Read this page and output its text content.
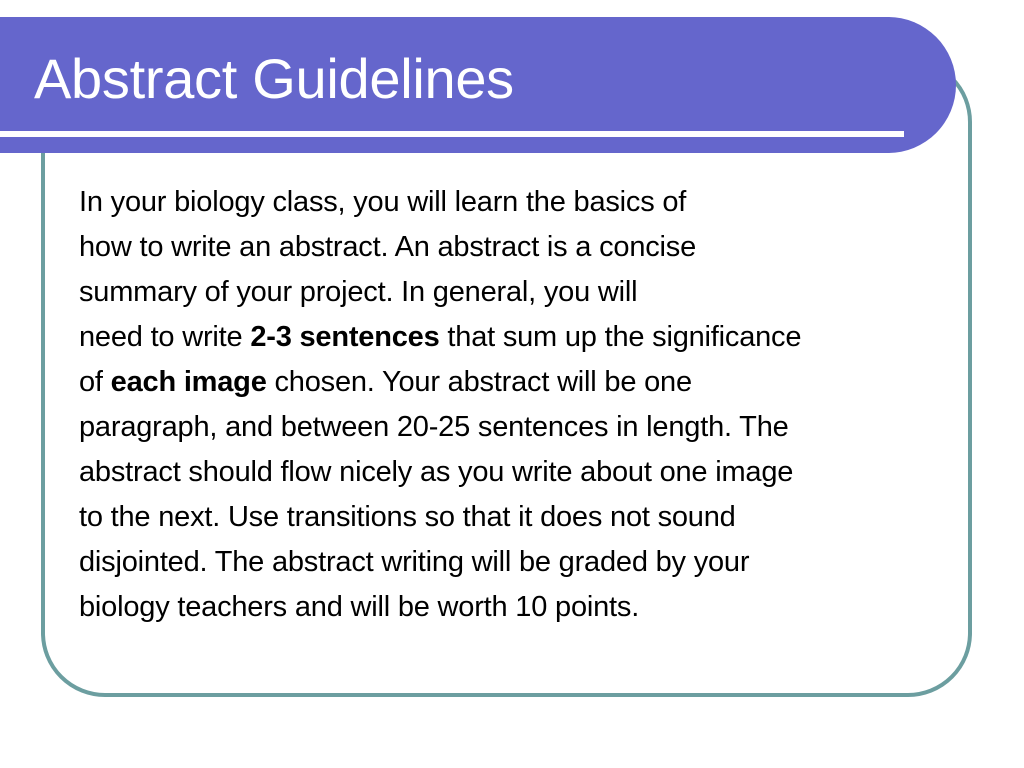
Abstract Guidelines
In your biology class, you will learn the basics of
how to write an abstract. An abstract is a concise
summary of your project. In general, you will
need to write 2-3 sentences that sum up the significance
of each image chosen. Your abstract will be one
paragraph, and between 20-25 sentences in length. The
abstract should flow nicely as you write about one image
to the next. Use transitions so that it does not sound
disjointed. The abstract writing will be graded by your
biology teachers and will be worth 10 points.
